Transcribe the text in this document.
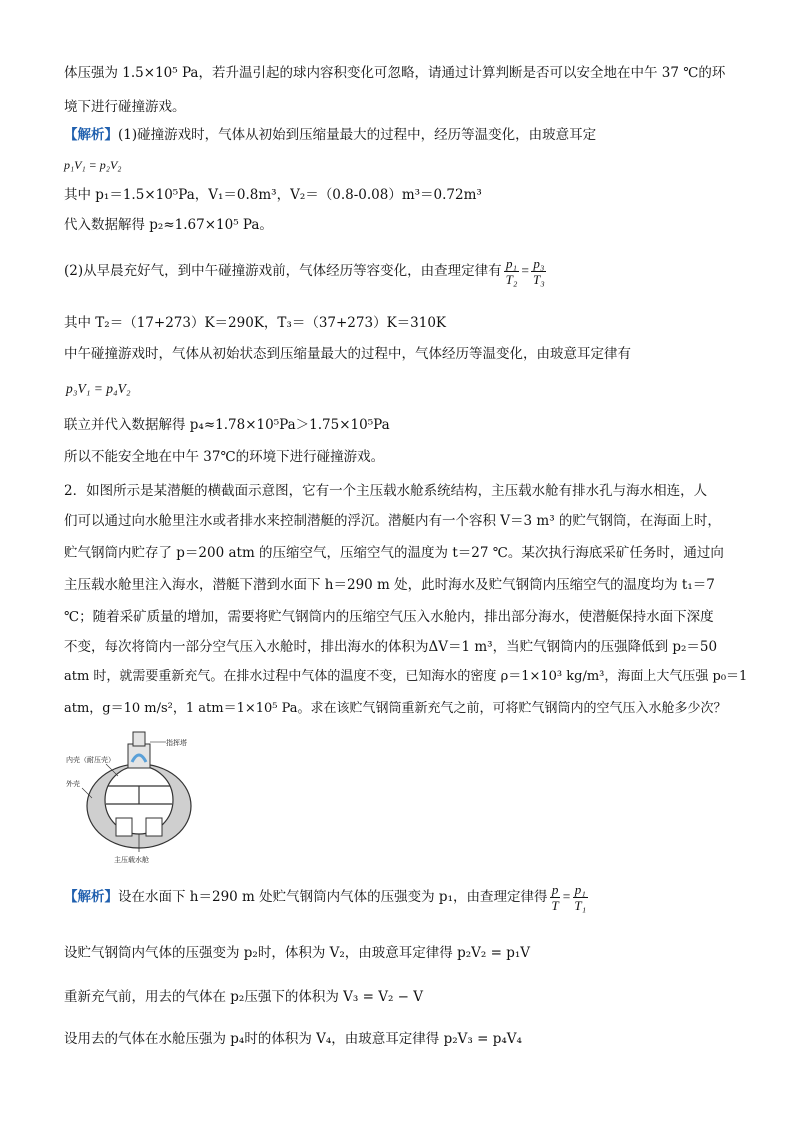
体压强为 1.5×10⁵ Pa，若升温引起的球内容积变化可忽略，请通过计算判断是否可以安全地在中午 37 ℃的环
境下进行碰撞游戏。
【解析】(1)碰撞游戏时，气体从初始到压缩量最大的过程中，经历等温变化，由玻意耳定
p₁V₁ = p₂V₂
其中 p₁＝1.5×10⁵Pa，V₁＝0.8m³，V₂＝（0.8-0.08）m³＝0.72m³
代入数据解得 p₂≈1.67×10⁵ Pa。
(2)从早晨充好气，到中午碰撞游戏前，气体经历等容变化，由查理定律有 $\frac{\text{p₁}}{\text{T₂}} = \frac{\text{p₃}}{\text{T₃}}$
其中 T₂＝（17+273）K＝290K，T₃＝（37+273）K＝310K
中午碰撞游戏时，气体从初始状态到压缩量最大的过程中，气体经历等温变化，由玻意耳定律有
p₃V₁ = p₄V₂
联立并代入数据解得 p₄≈1.78×10⁵Pa＞1.75×10⁵Pa
所以不能安全地在中午 37℃的环境下进行碰撞游戏。
2．如图所示是某潜艇的横截面示意图，它有一个主压载水舱系统结构，主压载水舱有排水孔与海水相连，人
们可以通过向水舱里注水或者排水来控制潜艇的浮沉。潜艇内有一个容积 V＝3 m³ 的贮气钢筒，在海面上时，
贮气钢筒内贮存了 p＝200 atm 的压缩空气，压缩空气的温度为 t＝27 ℃。某次执行海底采矿任务时，通过向
主压载水舱里注入海水，潜艇下潜到水面下 h＝290 m 处，此时海水及贮气钢筒内压缩空气的温度均为 t₁＝7
℃；随着采矿质量的增加，需要将贮气钢筒内的压缩空气压入水舱内，排出部分海水，使潜艇保持水面下深度
不变，每次将筒内一部分空气压入水舱时，排出海水的体积为ΔV＝1 m³，当贮气钢筒内的压强降低到 p₂＝50
atm 时，就需要重新充气。在排水过程中气体的温度不变，已知海水的密度 ρ＝1×10³ kg/m³，海面上大气压强 p₀＝1
atm，g＝10 m/s²，1 atm＝1×10⁵ Pa。求在该贮气钢筒重新充气之前，可将贮气钢筒内的空气压入水舱多少次？
指挥塔
内壳（耐压壳）
外壳
主压载水舱
【解析】设在水面下 h＝290 m 处贮气钢筒内气体的压强变为 p₁，由查理定律得 $\frac{p}{T} = \frac{\text{p₁}}{\text{T₁}}$
设贮气钢筒内气体的压强变为 p₂时，体积为 V₂，由玻意耳定律得 p₂V₂ = p₁V
重新充气前，用去的气体在 p₂压强下的体积为 V₃ = V₂ − V
设用去的气体在水舱压强为 p₄时的体积为 V₄，由玻意耳定律得 p₂V₃ = p₄V₄
